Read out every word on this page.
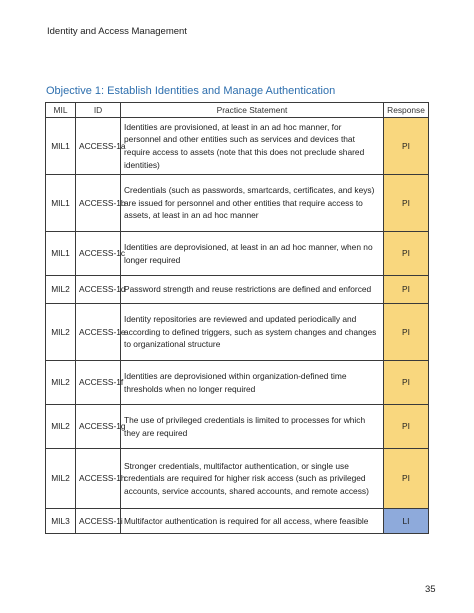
Identity and Access Management
Objective 1: Establish Identities and Manage Authentication
MIL	ID	Practice Statement	Response
MIL1	ACCESS-1a	Identities are provisioned, at least in an ad hoc manner, for personnel and other entities such as services and devices that require access to assets (note that this does not preclude shared identities)	PI
MIL1	ACCESS-1b	Credentials (such as passwords, smartcards, certificates, and keys) are issued for personnel and other entities that require access to assets, at least in an ad hoc manner	PI
MIL1	ACCESS-1c	Identities are deprovisioned, at least in an ad hoc manner, when no longer required	PI
MIL2	ACCESS-1d	Password strength and reuse restrictions are defined and enforced	PI
MIL2	ACCESS-1e	Identity repositories are reviewed and updated periodically and according to defined triggers, such as system changes and changes to organizational structure	PI
MIL2	ACCESS-1f	Identities are deprovisioned within organization-defined time thresholds when no longer required	PI
MIL2	ACCESS-1g	The use of privileged credentials is limited to processes for which they are required	PI
MIL2	ACCESS-1h	Stronger credentials, multifactor authentication, or single use credentials are required for higher risk access (such as privileged accounts, service accounts, shared accounts, and remote access)	PI
MIL3	ACCESS-1i	Multifactor authentication is required for all access, where feasible	LI
35
